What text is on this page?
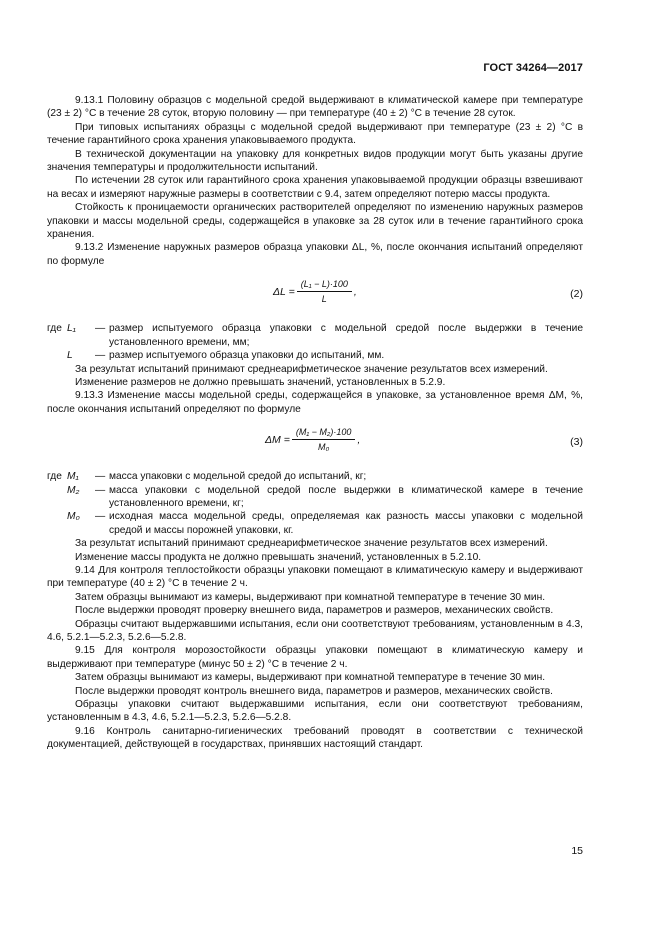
ГОСТ 34264—2017

9.13.1 Половину образцов с модельной средой выдерживают в климатической камере при температуре (23 ± 2) °С в течение 28 суток, вторую половину — при температуре (40 ± 2) °С в течение 28 суток.

При типовых испытаниях образцы с модельной средой выдерживают при температуре (23 ± 2) °С в течение гарантийного срока хранения упаковываемого продукта.

В технической документации на упаковку для конкретных видов продукции могут быть указаны другие значения температуры и продолжительности испытаний.

По истечении 28 суток или гарантийного срока хранения упаковываемой продукции образцы взвешивают на весах и измеряют наружные размеры в соответствии с 9.4, затем определяют потерю массы продукта.

Стойкость к проницаемости органических растворителей определяют по изменению наружных размеров упаковки и массы модельной среды, содержащейся в упаковке за 28 суток или в течение гарантийного срока хранения.

9.13.2 Изменение наружных размеров образца упаковки ΔL, %, после окончания испытаний определяют по формуле

$\Delta L = \frac{\text{(L₁ − L)·100}}{L}$ ,	(2)
где L₁	— размер испытуемого образца упаковки с модельной средой после выдержки в течение установленного времени, мм;
L	— размер испытуемого образца упаковки до испытаний, мм.

За результат испытаний принимают среднеарифметическое значение результатов всех измерений.

Изменение размеров не должно превышать значений, установленных в 5.2.9.

9.13.3 Изменение массы модельной среды, содержащейся в упаковке, за установленное время ΔM, %, после окончания испытаний определяют по формуле

$\Delta M = \frac{\text{(M₁ − M₂)·100}}{\text{M₀}}$ ,	(3)
где M₁	— масса упаковки с модельной средой до испытаний, кг;
M₂	— масса упаковки с модельной средой после выдержки в климатической камере в течение установленного времени, кг;
M₀	— исходная масса модельной среды, определяемая как разность массы упаковки с модельной средой и массы порожней упаковки, кг.

За результат испытаний принимают среднеарифметическое значение результатов всех измерений.

Изменение массы продукта не должно превышать значений, установленных в 5.2.10.

9.14 Для контроля теплостойкости образцы упаковки помещают в климатическую камеру и выдерживают при температуре (40 ± 2) °С в течение 2 ч.

Затем образцы вынимают из камеры, выдерживают при комнатной температуре в течение 30 мин.

После выдержки проводят проверку внешнего вида, параметров и размеров, механических свойств.

Образцы считают выдержавшими испытания, если они соответствуют требованиям, установленным в 4.3, 4.6, 5.2.1—5.2.3, 5.2.6—5.2.8.

9.15 Для контроля морозостойкости образцы упаковки помещают в климатическую камеру и выдерживают при температуре (минус 50 ± 2) °С в течение 2 ч.

Затем образцы вынимают из камеры, выдерживают при комнатной температуре в течение 30 мин.

После выдержки проводят контроль внешнего вида, параметров и размеров, механических свойств.

Образцы упаковки считают выдержавшими испытания, если они соответствуют требованиям, установленным в 4.3, 4.6, 5.2.1—5.2.3, 5.2.6—5.2.8.

9.16 Контроль санитарно-гигиенических требований проводят в соответствии с технической документацией, действующей в государствах, принявших настоящий стандарт.

15
